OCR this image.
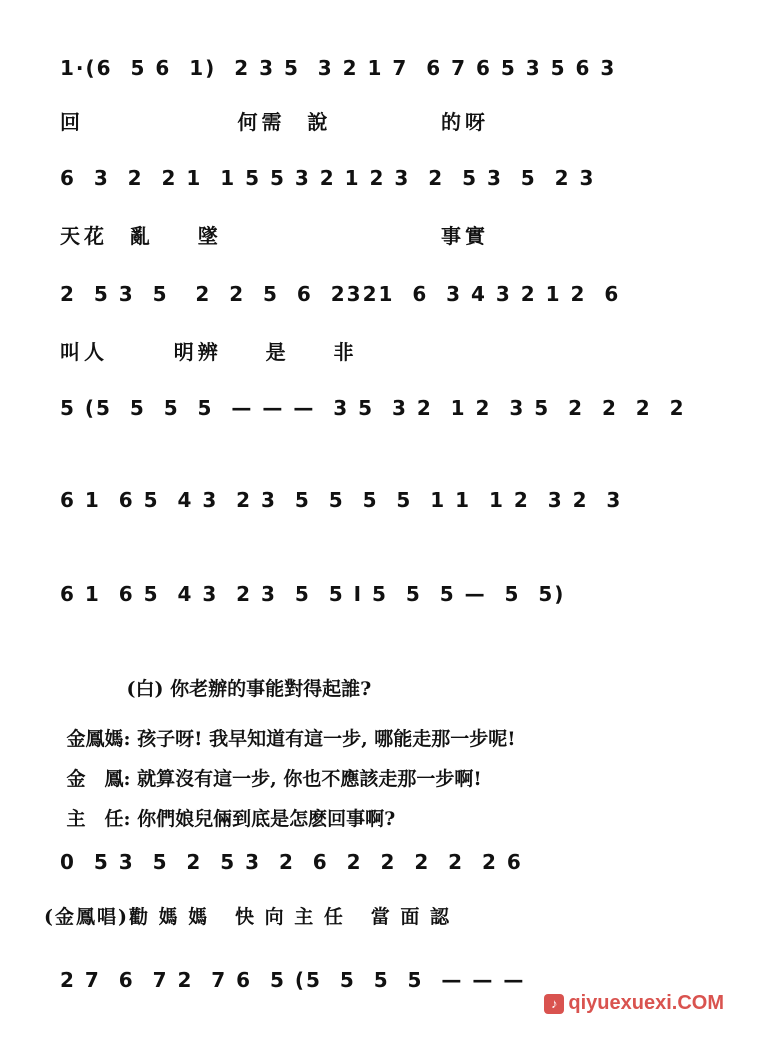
1·(6  5 6  1)  2 3 5  3 2 1 7  6 7 6 5 3 5 6 3
回              何需  說          的呀
6  3  2  2 1  1 5 5 3 2 1 2 3  2  5 3  5  2 3
天花  亂    墜                    事實
2  5 3  5   2  2  5  6  2321  6  3 4 3 2 1 2  6
叫人      明辨    是    非
5 (5  5  5  5  — — —  3 5  3 2  1 2  3 5  2  2  2  2
6 1  6 5  4 3  2 3  5  5  5  5  1 1  1 2  3 2  3
6 1  6 5  4 3  2 3  5  5 I 5  5  5 —  5  5)

(白) 你老辦的事能對得起誰?

金鳳媽: 孩子呀! 我早知道有這一步, 哪能走那一步呢!

金　鳳: 就算沒有這一步, 你也不應該走那一步啊!

主　任: 你們娘兒倆到底是怎麽回事啊?

0  5 3  5  2  5 3  2  6  2  2  2  2  2 6
(金鳳唱)勸 媽 媽   快 向 主 任   當 面 認
2 7  6  7 2  7 6  5 (5  5  5  5  — — —
♪ qiyuexuexi.COM
